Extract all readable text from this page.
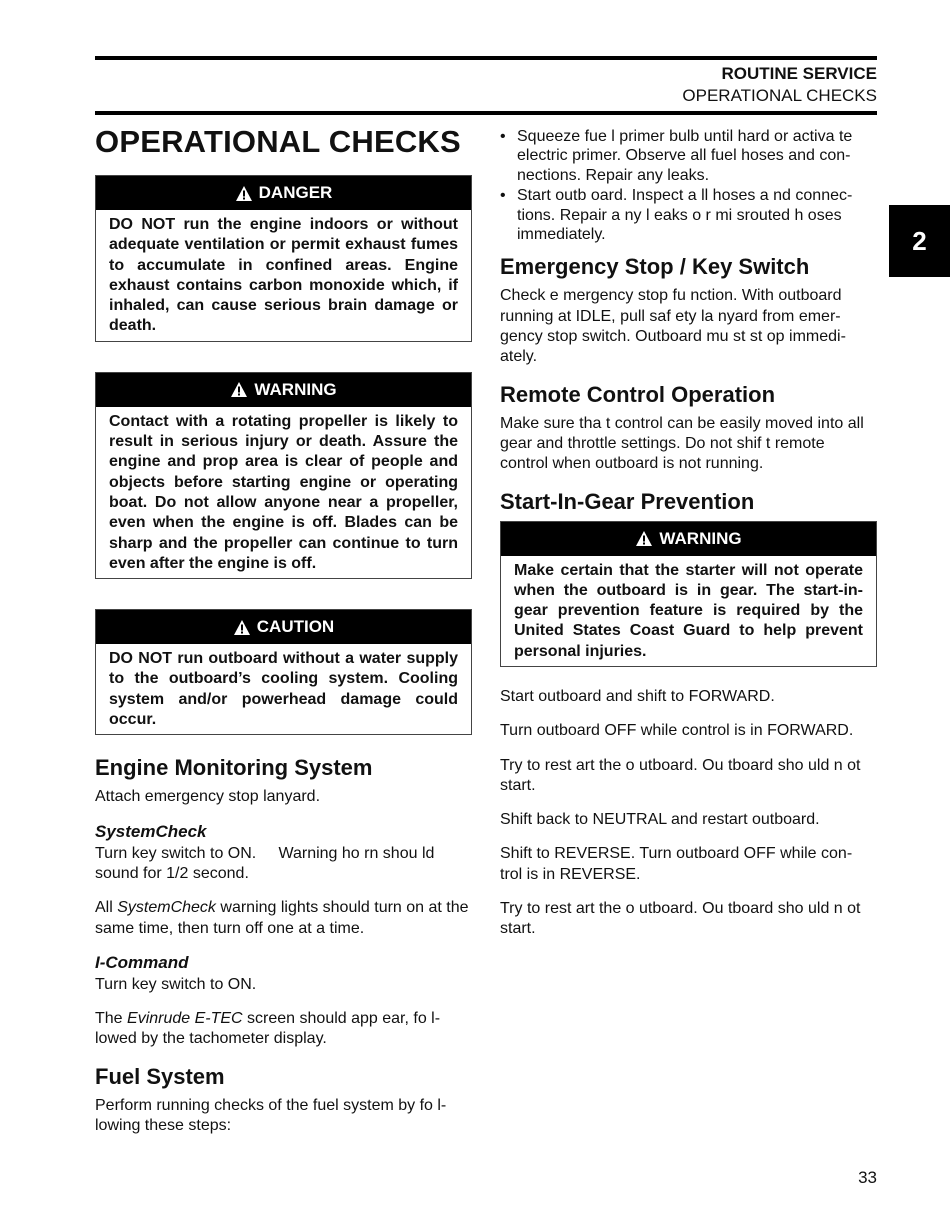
ROUTINE SERVICE
OPERATIONAL CHECKS
2
OPERATIONAL CHECKS
DANGER
DO NOT run the engine indoors or without adequate ventilation or permit exhaust fumes to accumulate in confined areas. Engine exhaust contains carbon monoxide which, if inhaled, can cause serious brain damage or death.
WARNING
Contact with a rotating propeller is likely to result in serious injury or death. Assure the engine and prop area is clear of people and objects before starting engine or operating boat. Do not allow anyone near a propeller, even when the engine is off. Blades can be sharp and the propeller can continue to turn even after the engine is off.
CAUTION
DO NOT run outboard without a water supply to the outboard’s cooling system. Cooling system and/or powerhead damage could occur.
Engine Monitoring System

Attach emergency stop lanyard.

SystemCheck

Turn key switch to ON.     Warning ho rn shou ld sound for 1/2 second.

All SystemCheck warning lights should turn on at the same time, then turn off one at a time.

I-Command

Turn key switch to ON.

The Evinrude E-TEC screen should app ear, fo l- lowed by the tachometer display.

Fuel System

Perform running checks of the fuel system by fo l- lowing these steps:

• Squeeze fue l primer bulb until hard or activa te electric primer. Observe all fuel hoses and con- nections. Repair any leaks.
• Start outb oard. Inspect a ll hoses a nd connec- tions. Repair a ny l eaks o r mi srouted h oses immediately.
Emergency Stop / Key Switch

Check e mergency stop fu nction. With outboard running at IDLE, pull saf ety la nyard from emer- gency stop switch. Outboard mu st st op immedi- ately.

Remote Control Operation

Make sure tha t control can be easily moved into all gear and throttle settings. Do not shif t remote control when outboard is not running.

Start-In-Gear Prevention
WARNING
Make certain that the starter will not operate when the outboard is in gear. The start-in-gear prevention feature is required by the United States Coast Guard to help prevent personal injuries.

Start outboard and shift to FORWARD.

Turn outboard OFF while control is in FORWARD.

Try to rest art the o utboard. Ou tboard sho uld n ot start.

Shift back to NEUTRAL and restart outboard.

Shift to REVERSE. Turn outboard OFF while con- trol is in REVERSE.

Try to rest art the o utboard. Ou tboard sho uld n ot start.

33
